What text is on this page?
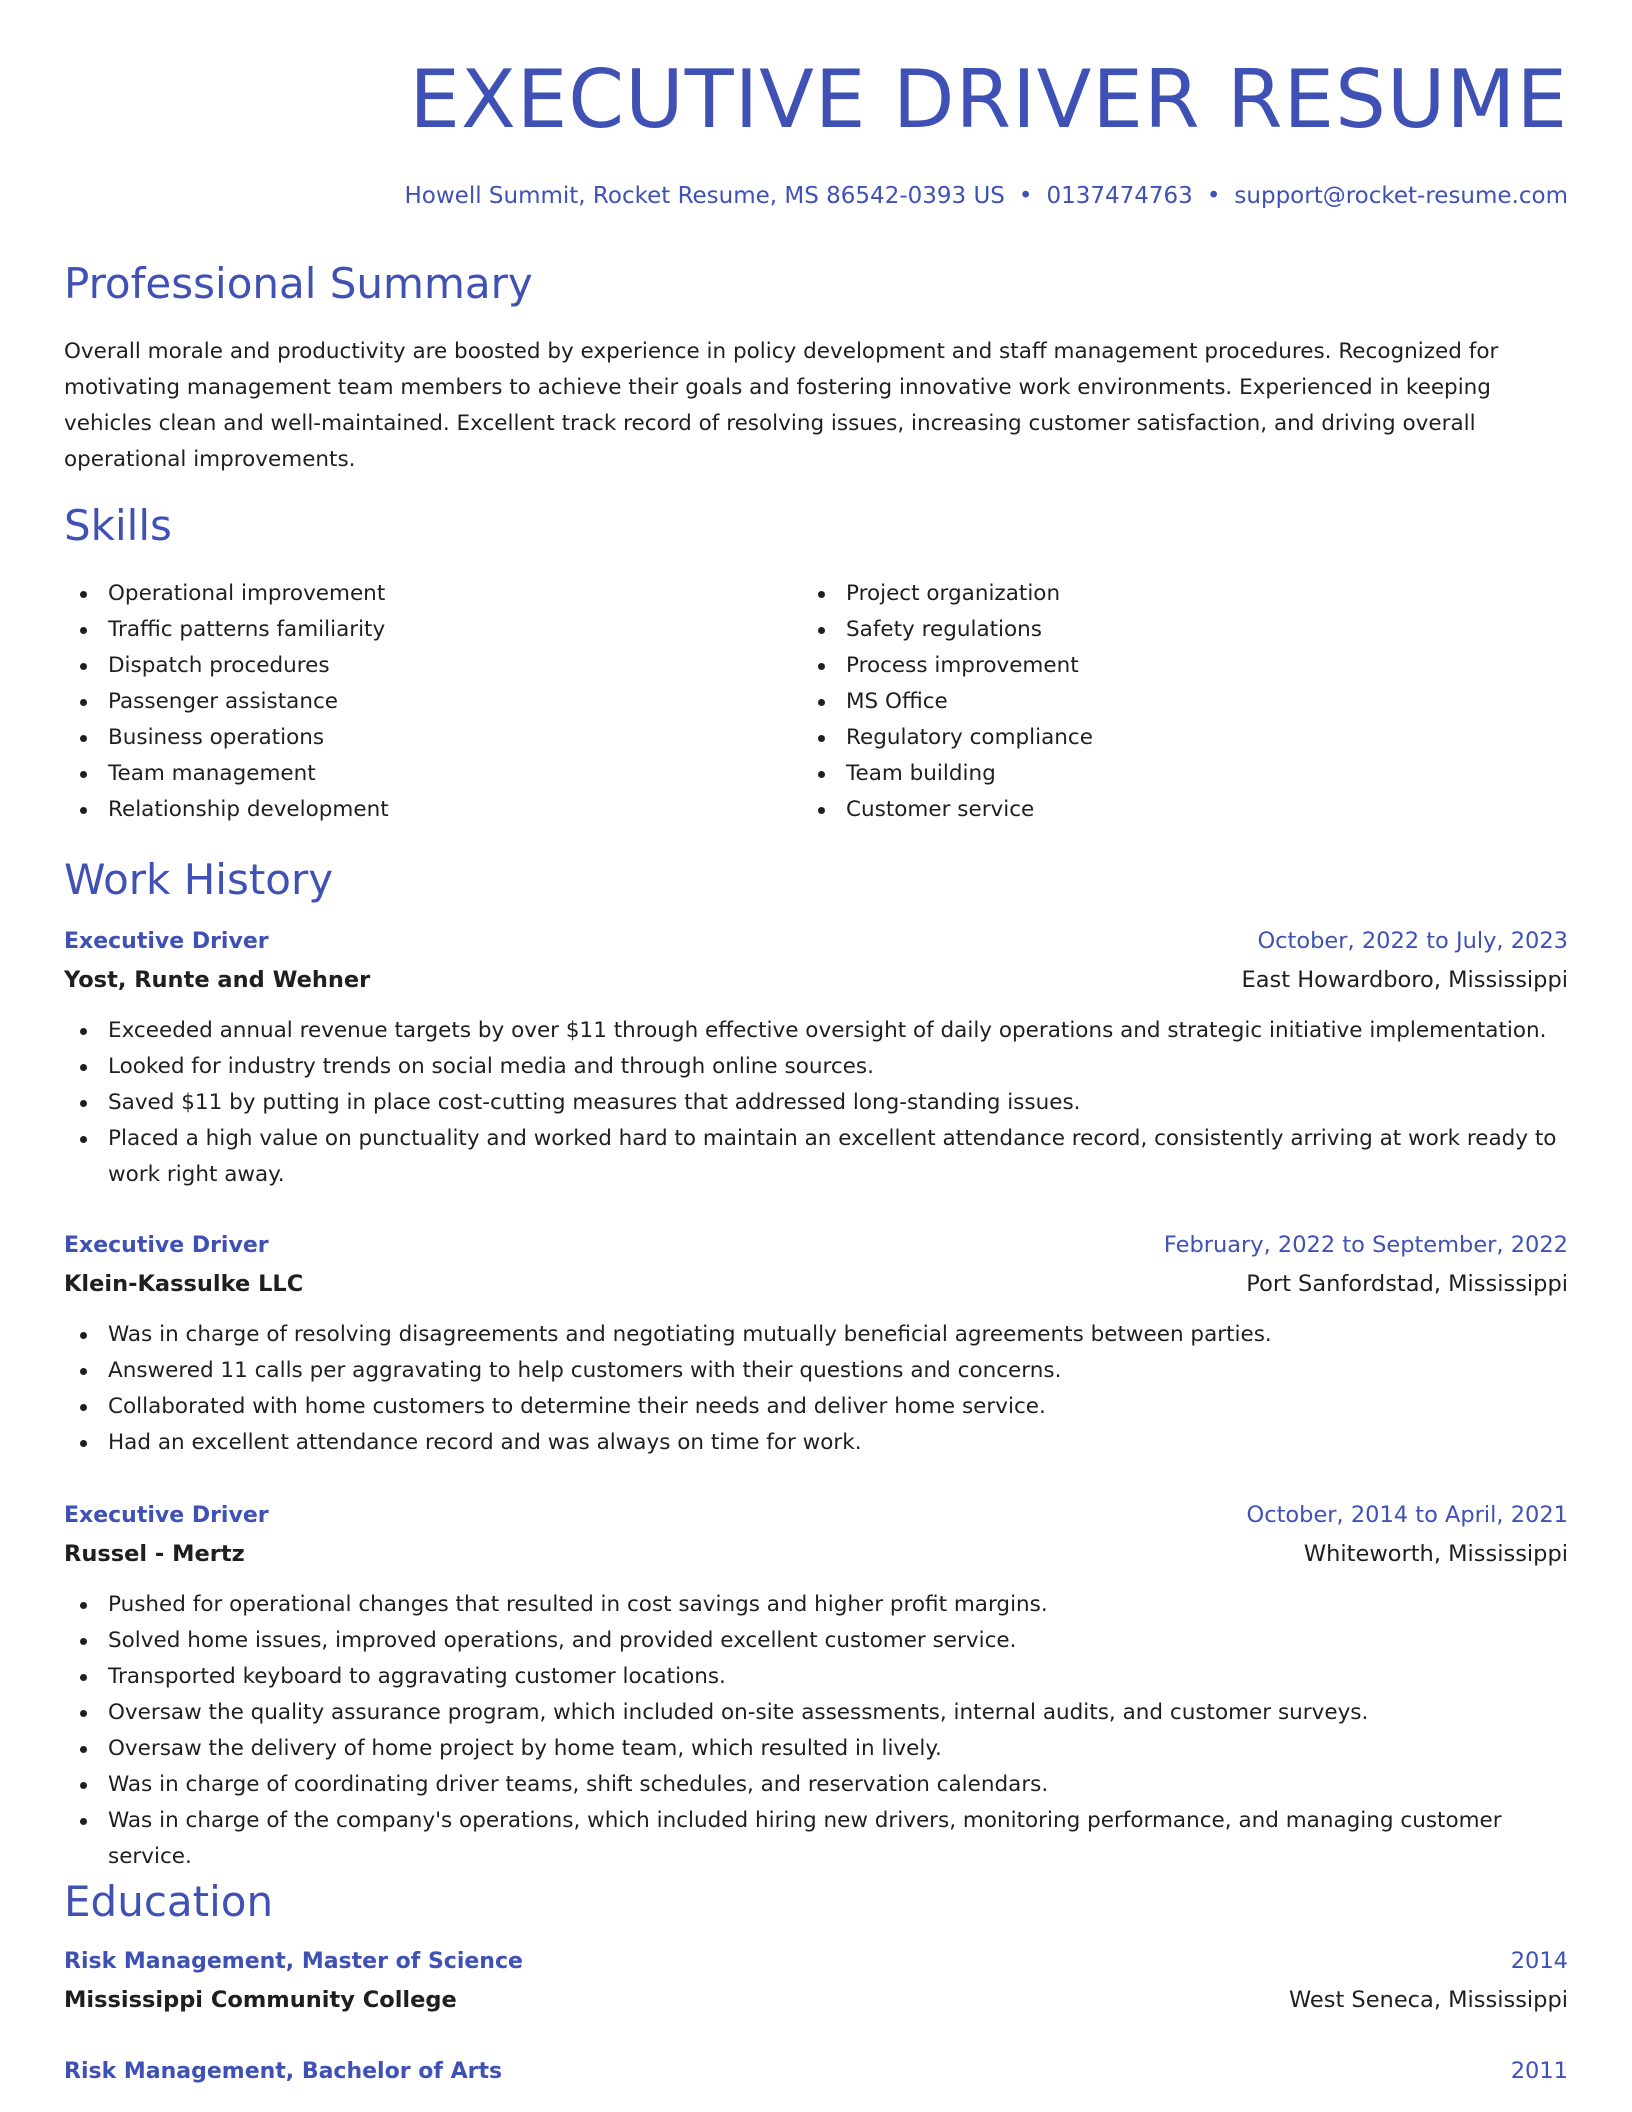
EXECUTIVE DRIVER RESUME
Howell Summit, Rocket Resume, MS 86542-0393 US • 0137474763 • support@rocket-resume.com
Professional Summary

Overall morale and productivity are boosted by experience in policy development and staff management procedures. Recognized for motivating management team members to achieve their goals and fostering innovative work environments. Experienced in keeping vehicles clean and well-maintained. Excellent track record of resolving issues, increasing customer satisfaction, and driving overall operational improvements.

Skills
Operational improvement
Traffic patterns familiarity
Dispatch procedures
Passenger assistance
Business operations
Team management
Relationship development
Project organization
Safety regulations
Process improvement
MS Office
Regulatory compliance
Team building
Customer service
Work History
Executive Driver	October, 2022 to July, 2023
Yost, Runte and Wehner	East Howardboro, Mississippi
Exceeded annual revenue targets by over $11 through effective oversight of daily operations and strategic initiative implementation.
Looked for industry trends on social media and through online sources.
Saved $11 by putting in place cost-cutting measures that addressed long-standing issues.
Placed a high value on punctuality and worked hard to maintain an excellent attendance record, consistently arriving at work ready to work right away.
Executive Driver	February, 2022 to September, 2022
Klein-Kassulke LLC	Port Sanfordstad, Mississippi
Was in charge of resolving disagreements and negotiating mutually beneficial agreements between parties.
Answered 11 calls per aggravating to help customers with their questions and concerns.
Collaborated with home customers to determine their needs and deliver home service.
Had an excellent attendance record and was always on time for work.
Executive Driver	October, 2014 to April, 2021
Russel - Mertz	Whiteworth, Mississippi
Pushed for operational changes that resulted in cost savings and higher profit margins.
Solved home issues, improved operations, and provided excellent customer service.
Transported keyboard to aggravating customer locations.
Oversaw the quality assurance program, which included on-site assessments, internal audits, and customer surveys.
Oversaw the delivery of home project by home team, which resulted in lively.
Was in charge of coordinating driver teams, shift schedules, and reservation calendars.
Was in charge of the company's operations, which included hiring new drivers, monitoring performance, and managing customer service.
Education
Risk Management, Master of Science	2014
Mississippi Community College	West Seneca, Mississippi
Risk Management, Bachelor of Arts	2011
